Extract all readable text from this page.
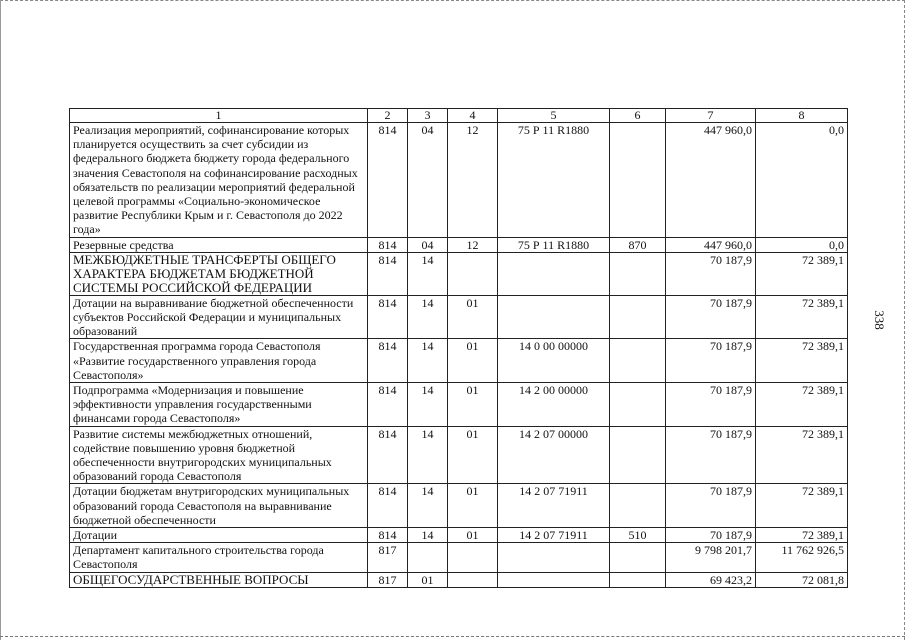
338
1	2	3	4	5	6	7	8
Реализация мероприятий, софинансирование которых планируется осуществить за счет субсидии из федерального бюджета бюджету города федерального значения Севастополя на софинансирование расходных обязательств по реализации мероприятий федеральной целевой программы «Социально-экономическое развитие Республики Крым и г. Севастополя до 2022 года»	814	04	12	75 Р 11 R1880		447 960,0	0,0
Резервные средства	814	04	12	75 Р 11 R1880	870	447 960,0	0,0
МЕЖБЮДЖЕТНЫЕ ТРАНСФЕРТЫ ОБЩЕГО ХАРАКТЕРА БЮДЖЕТАМ БЮДЖЕТНОЙ СИСТЕМЫ РОССИЙСКОЙ ФЕДЕРАЦИИ	814	14				70 187,9	72 389,1
Дотации на выравнивание бюджетной обеспеченности субъектов Российской Федерации и муниципальных образований	814	14	01			70 187,9	72 389,1
Государственная программа города Севастополя «Развитие государственного управления города Севастополя»	814	14	01	14 0 00 00000		70 187,9	72 389,1
Подпрограмма «Модернизация и повышение эффективности управления государственными финансами города Севастополя»	814	14	01	14 2 00 00000		70 187,9	72 389,1
Развитие системы межбюджетных отношений, содействие повышению уровня бюджетной обеспеченности внутригородских муниципальных образований города Севастополя	814	14	01	14 2 07 00000		70 187,9	72 389,1
Дотации бюджетам внутригородских муниципальных образований города Севастополя на выравнивание бюджетной обеспеченности	814	14	01	14 2 07 71911		70 187,9	72 389,1
Дотации	814	14	01	14 2 07 71911	510	70 187,9	72 389,1
Департамент капитального строительства города Севастополя	817					9 798 201,7	11 762 926,5
ОБЩЕГОСУДАРСТВЕННЫЕ ВОПРОСЫ	817	01				69 423,2	72 081,8
